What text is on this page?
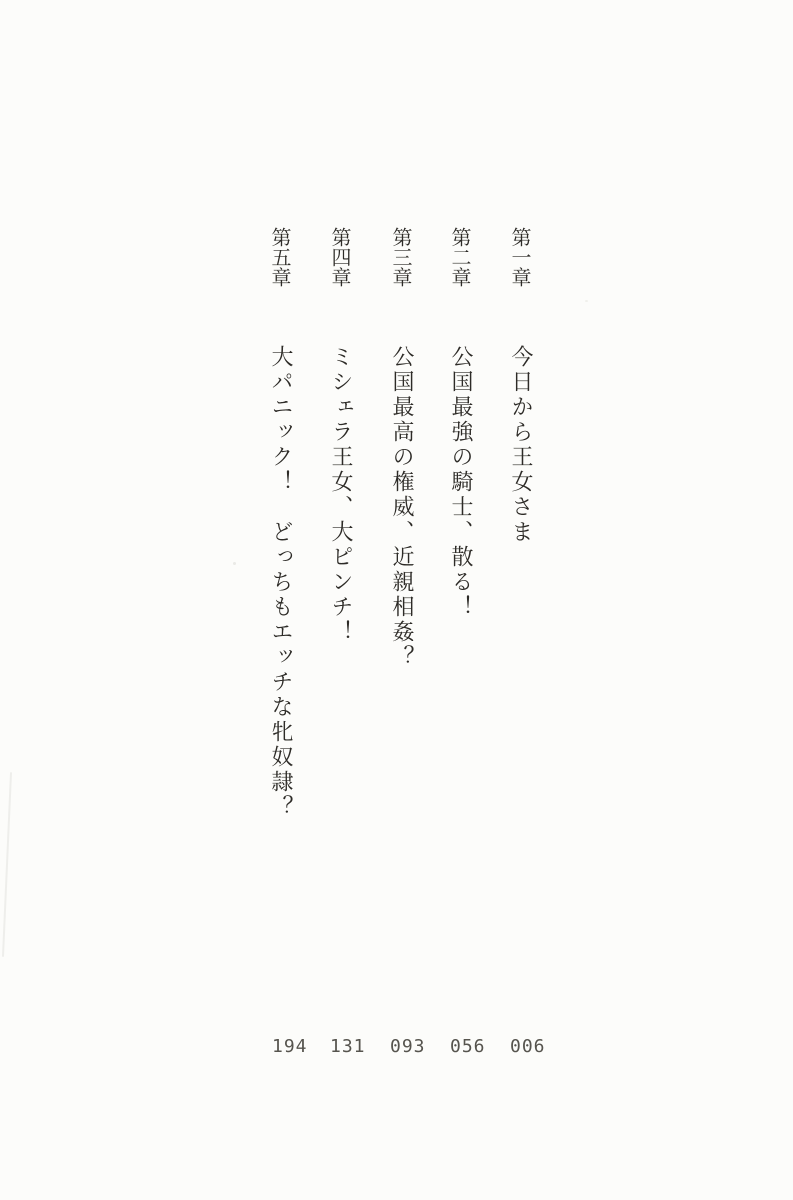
第一章今日から王女さま
第二章公国最強の騎士、散る！
第三章公国最高の権威、近親相姦？
第四章ミシェラ王女、大ピンチ！
第五章大パニック！　どっちもエッチな牝奴隷？
194 131 093 056 006
